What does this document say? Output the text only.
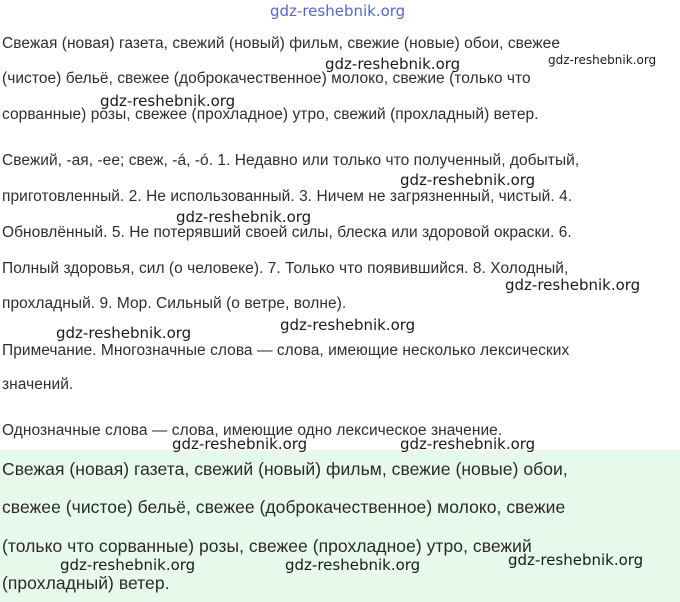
gdz-reshebnik.org
Свежая (новая) газета, свежий (новый) фильм, свежие (новые) обои, свежее
(чистое) бельё, свежее (доброкачественное) молоко, свежие (только что
сорванные) розы, свежее (прохладное) утро, свежий (прохладный) ветер.
Свежий, -ая, -ее; свеж, -á, -ó. 1. Недавно или только что полученный, добытый,
приготовленный. 2. Не использованный. 3. Ничем не загрязненный, чистый. 4.
Обновлённый. 5. Не потерявший своей силы, блеска или здоровой окраски. 6.
Полный здоровья, сил (о человеке). 7. Только что появившийся. 8. Холодный,
прохладный. 9. Мор. Сильный (о ветре, волне).
Примечание. Многозначные слова — слова, имеющие несколько лексических
значений.
Однозначные слова — слова, имеющие одно лексическое значение.
Свежая (новая) газета, свежий (новый) фильм, свежие (новые) обои,
свежее (чистое) бельё, свежее (доброкачественное) молоко, свежие
(только что сорванные) розы, свежее (прохладное) утро, свежий
(прохладный) ветер.
gdz-reshebnik.org	gdz-reshebnik.org
gdz-reshebnik.org
gdz-reshebnik.org
gdz-reshebnik.org
gdz-reshebnik.org
gdz-reshebnik.org
gdz-reshebnik.org
gdz-reshebnik.org	gdz-reshebnik.org
gdz-reshebnik.org
gdz-reshebnik.org	gdz-reshebnik.org
